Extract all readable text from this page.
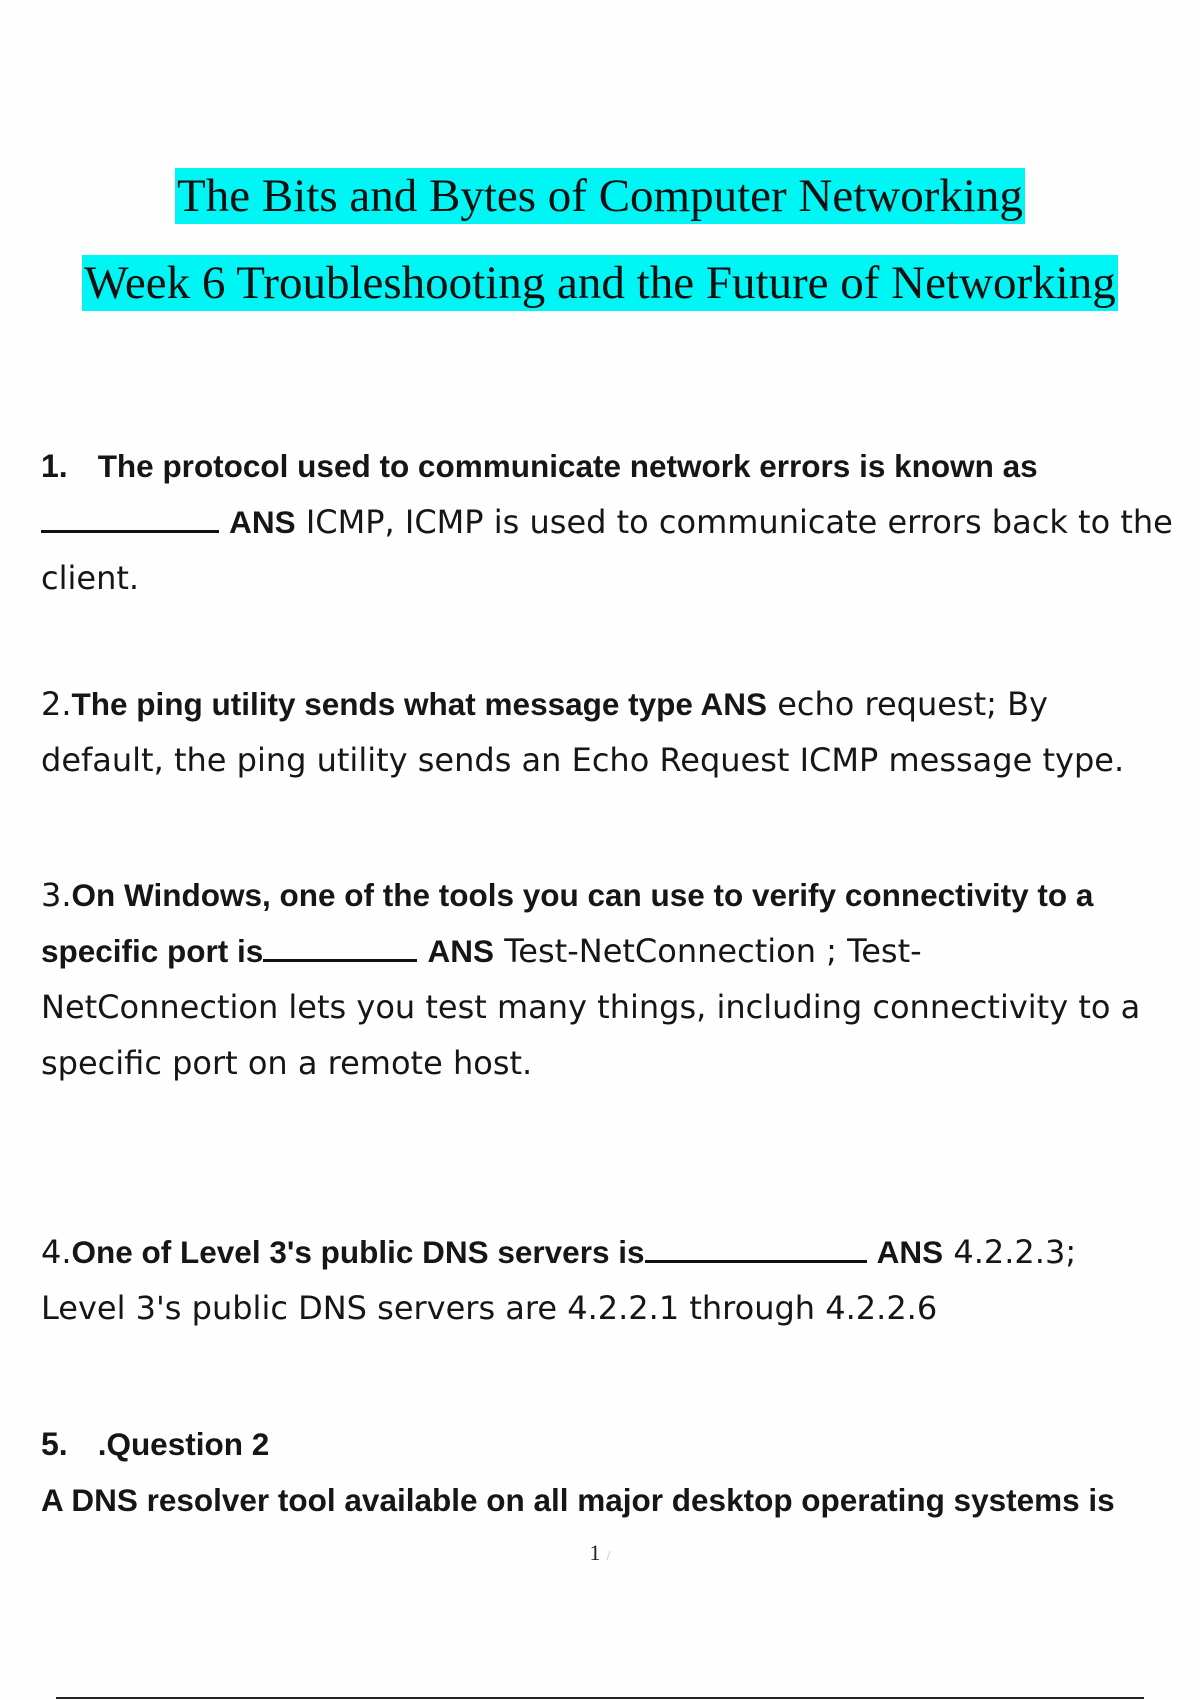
The Bits and Bytes of Computer Networking
Week 6 Troubleshooting and the Future of Networking
1. The protocol used to communicate network errors is known as
ANS ICMP, ICMP is used to communicate errors back to the
client.
2.The ping utility sends what message type ANS echo request; By
default, the ping utility sends an Echo Request ICMP message type.
3.On Windows, one of the tools you can use to verify connectivity to a
specific port is	ANS Test-NetConnection ; Test-
NetConnection lets you test many things, including connectivity to a
specific port on a remote host.
4.One of Level 3's public DNS servers is	ANS 4.2.2.3;
Level 3's public DNS servers are 4.2.2.1 through 4.2.2.6
5. .Question 2
A DNS resolver tool available on all major desktop operating systems is
1 /
